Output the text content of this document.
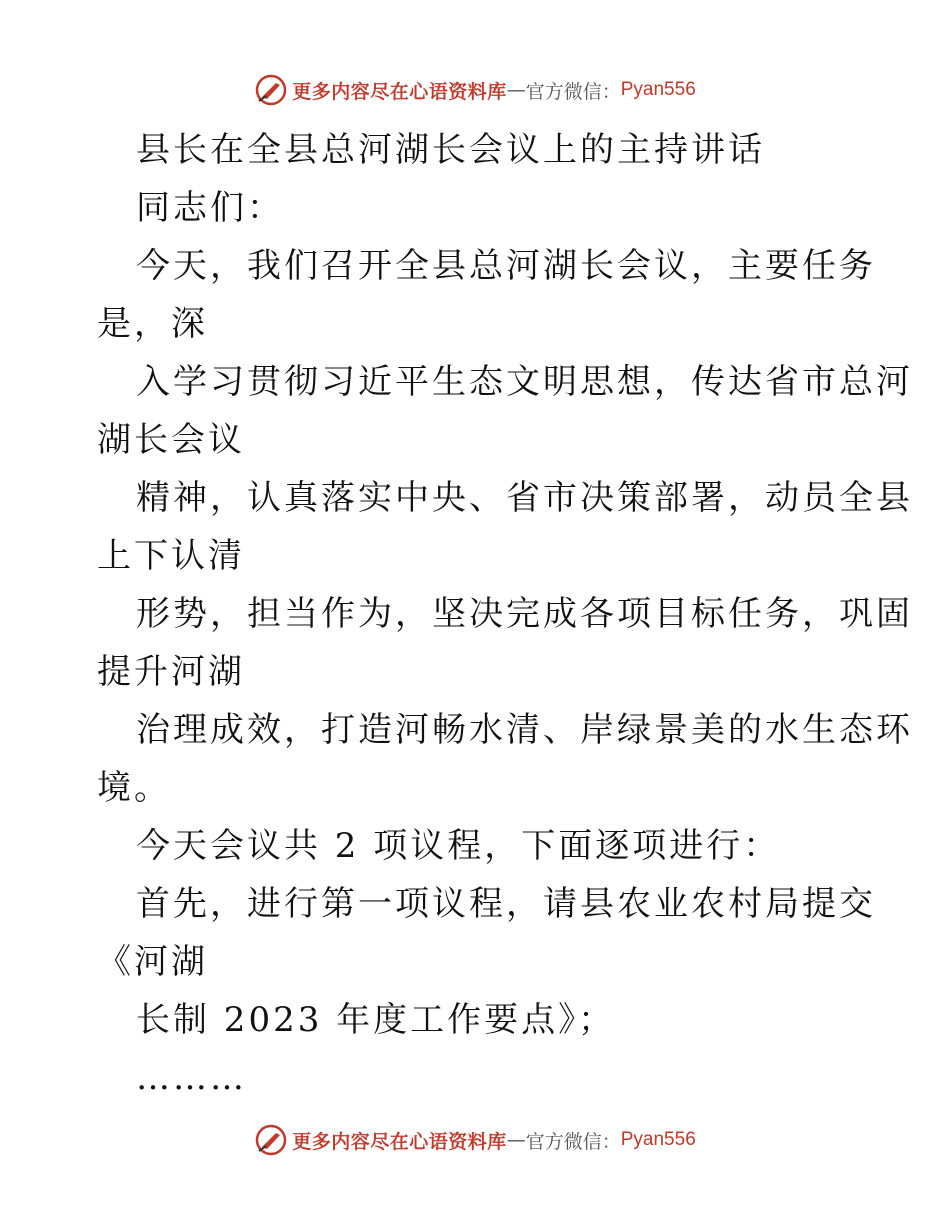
更多内容尽在心语资料库 — 官方微信： Pyan556
县长在全县总河湖长会议上的主持讲话
同志们：
今天，我们召开全县总河湖长会议，主要任务
是，深
入学习贯彻习近平生态文明思想，传达省市总河
湖长会议
精神，认真落实中央、省市决策部署，动员全县
上下认清
形势，担当作为，坚决完成各项目标任务，巩固
提升河湖
治理成效，打造河畅水清、岸绿景美的水生态环
境。
今天会议共 2 项议程，下面逐项进行：
首先，进行第一项议程，请县农业农村局提交
《河湖
长制 2023 年度工作要点》；
………
更多内容尽在心语资料库 — 官方微信： Pyan556
